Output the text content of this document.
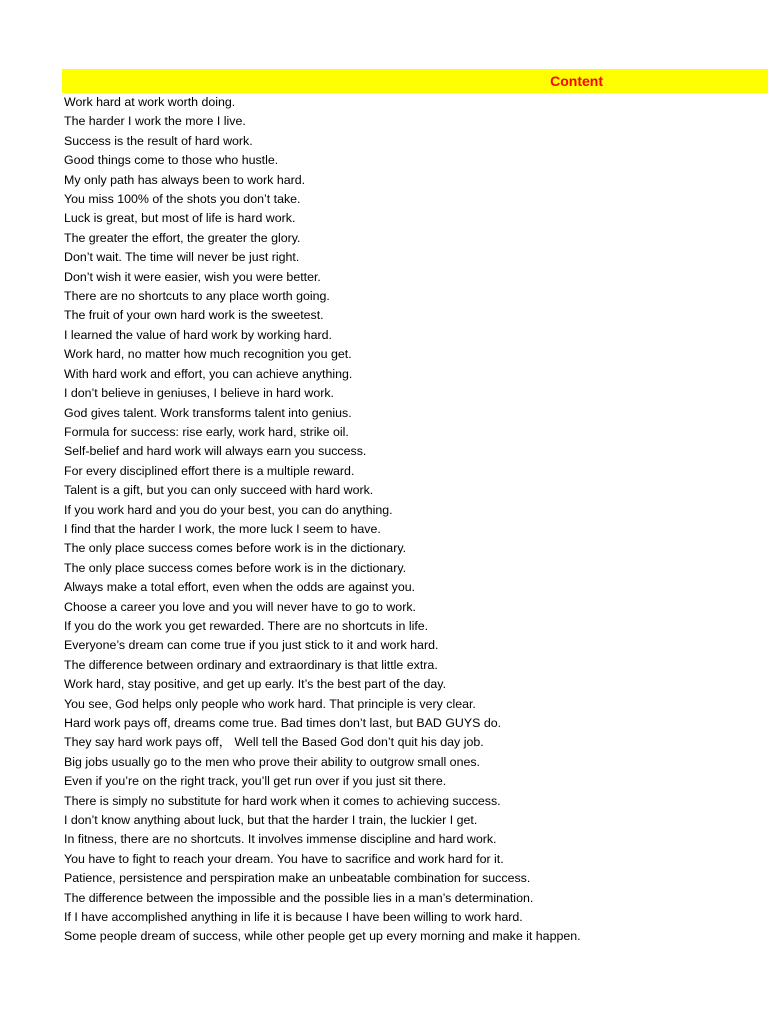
Content
Work hard at work worth doing.
The harder I work the more I live.
Success is the result of hard work.
Good things come to those who hustle.
My only path has always been to work hard.
You miss 100% of the shots you don’t take.
Luck is great, but most of life is hard work.
The greater the effort, the greater the glory.
Don’t wait. The time will never be just right.
Don’t wish it were easier, wish you were better.
There are no shortcuts to any place worth going.
The fruit of your own hard work is the sweetest.
I learned the value of hard work by working hard.
Work hard, no matter how much recognition you get.
With hard work and effort, you can achieve anything.
I don’t believe in geniuses, I believe in hard work.
God gives talent. Work transforms talent into genius.
Formula for success: rise early, work hard, strike oil.
Self-belief and hard work will always earn you success.
For every disciplined effort there is a multiple reward.
Talent is a gift, but you can only succeed with hard work.
If you work hard and you do your best, you can do anything.
I find that the harder I work, the more luck I seem to have.
The only place success comes before work is in the dictionary.
The only place success comes before work is in the dictionary.
Always make a total effort, even when the odds are against you.
Choose a career you love and you will never have to go to work.
If you do the work you get rewarded. There are no shortcuts in life.
Everyone’s dream can come true if you just stick to it and work hard.
The difference between ordinary and extraordinary is that little extra.
Work hard, stay positive, and get up early. It’s the best part of the day.
You see, God helps only people who work hard. That principle is very clear.
Hard work pays off, dreams come true. Bad times don’t last, but BAD GUYS do.
They say hard work pays off， Well tell the Based God don’t quit his day job.
Big jobs usually go to the men who prove their ability to outgrow small ones.
Even if you’re on the right track, you’ll get run over if you just sit there.
There is simply no substitute for hard work when it comes to achieving success.
I don’t know anything about luck, but that the harder I train, the luckier I get.
In fitness, there are no shortcuts. It involves immense discipline and hard work.
You have to fight to reach your dream. You have to sacrifice and work hard for it.
Patience, persistence and perspiration make an unbeatable combination for success.
The difference between the impossible and the possible lies in a man’s determination.
If I have accomplished anything in life it is because I have been willing to work hard.
Some people dream of success, while other people get up every morning and make it happen.
